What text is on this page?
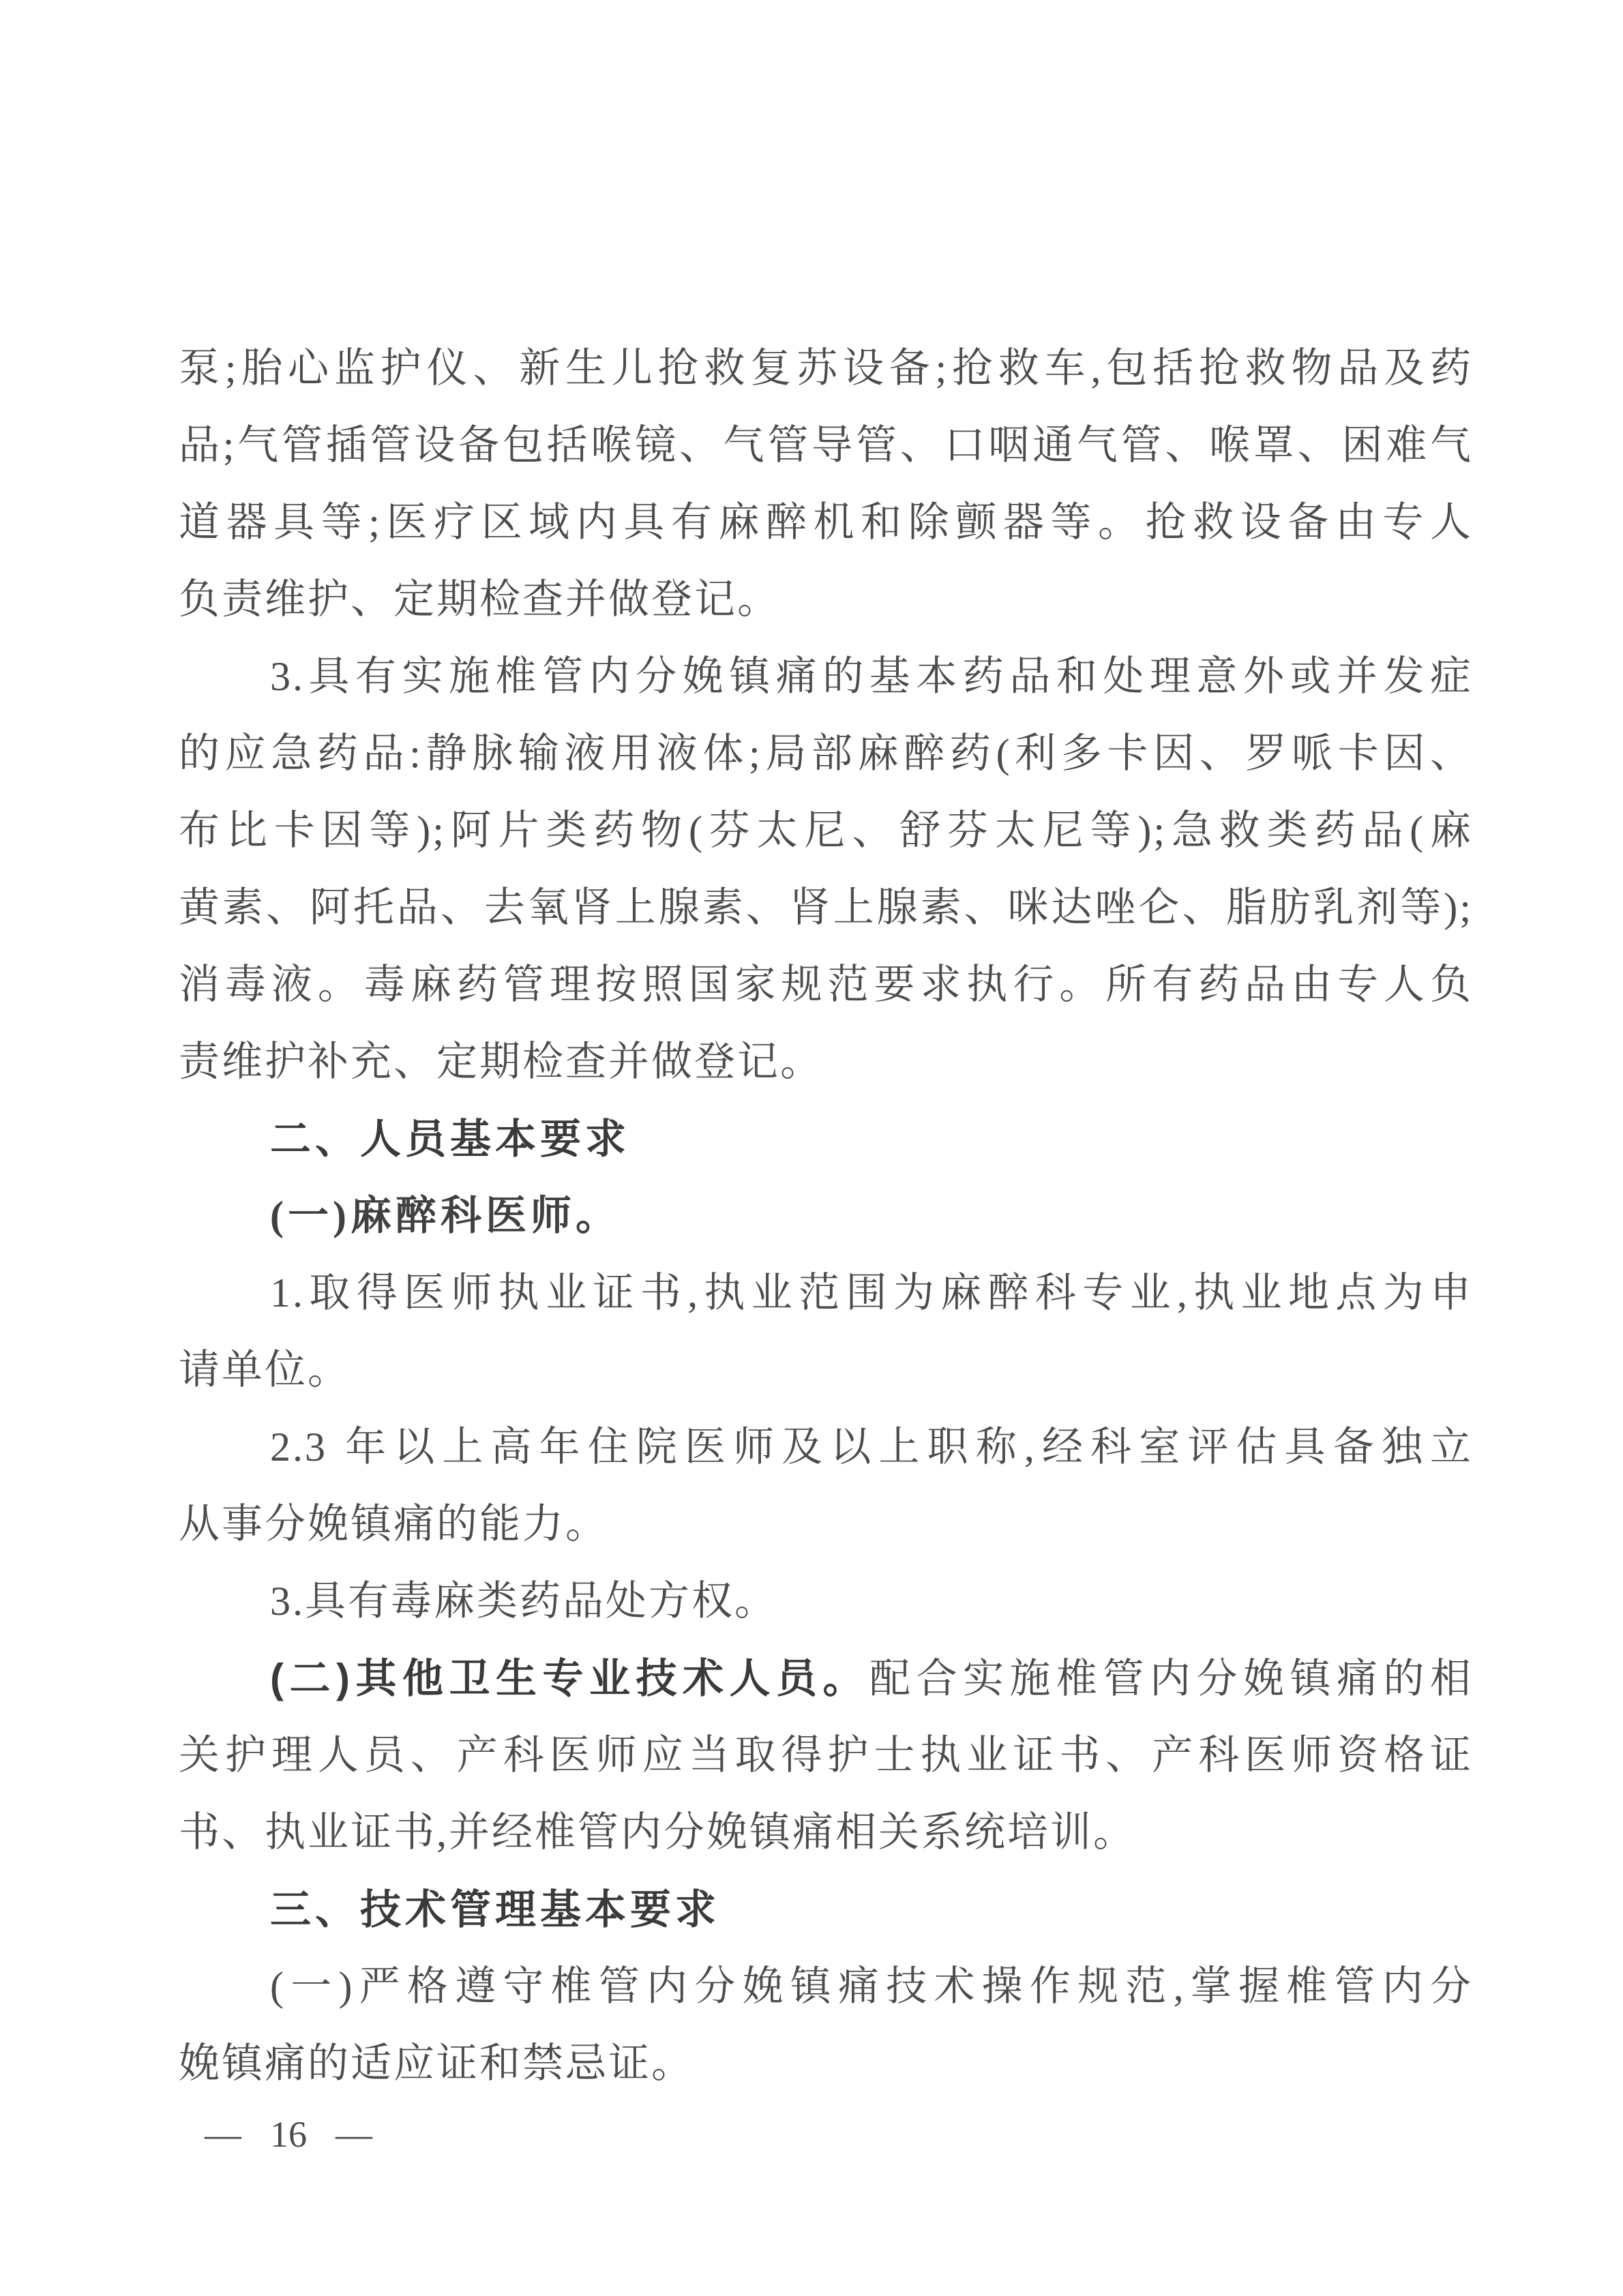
泵;胎心监护仪、新生儿抢救复苏设备;抢救车,包括抢救物品及药
品;气管插管设备包括喉镜、气管导管、口咽通气管、喉罩、困难气
道器具等;医疗区域内具有麻醉机和除颤器等。抢救设备由专人
负责维护、定期检查并做登记。
3.具有实施椎管内分娩镇痛的基本药品和处理意外或并发症
的应急药品:静脉输液用液体;局部麻醉药(利多卡因、罗哌卡因、
布比卡因等);阿片类药物(芬太尼、舒芬太尼等);急救类药品(麻
黄素、阿托品、去氧肾上腺素、肾上腺素、咪达唑仑、脂肪乳剂等);
消毒液。毒麻药管理按照国家规范要求执行。所有药品由专人负
责维护补充、定期检查并做登记。
二、人员基本要求
(一)麻醉科医师。
1.取得医师执业证书,执业范围为麻醉科专业,执业地点为申
请单位。
2.3 年以上高年住院医师及以上职称,经科室评估具备独立
从事分娩镇痛的能力。
3.具有毒麻类药品处方权。
(二)其他卫生专业技术人员。配合实施椎管内分娩镇痛的相
关护理人员、产科医师应当取得护士执业证书、产科医师资格证
书、执业证书,并经椎管内分娩镇痛相关系统培训。
三、技术管理基本要求
(一)严格遵守椎管内分娩镇痛技术操作规范,掌握椎管内分
娩镇痛的适应证和禁忌证。
— 16 —
